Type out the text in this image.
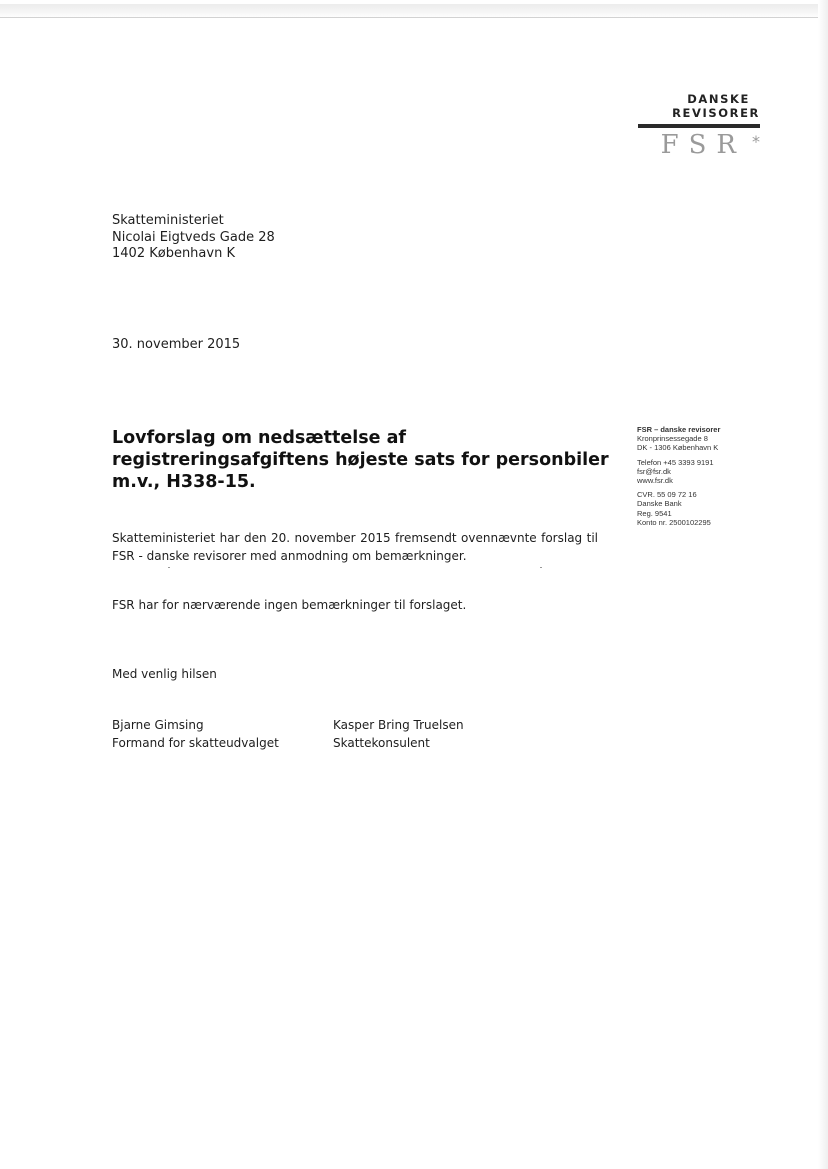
DANSKE
REVISORER
FSR *
Skatteministeriet
Nicolai Eigtveds Gade 28
1402 København K
30. november 2015
Lovforslag om nedsættelse af
registreringsafgiftens højeste sats for personbiler
m.v., H338-15.
FSR – danske revisorer
Kronprinsessegade 8
DK - 1306 København K
Telefon +45 3393 9191
fsr@fsr.dk
www.fsr.dk
CVR. 55 09 72 16
Danske Bank
Reg. 9541
Konto nr. 2500102295
Skatteministeriet har den 20. november 2015 fremsendt ovennævnte forslag til
FSR - danske revisorer med anmodning om bemærkninger.
FSR har for nærværende ingen bemærkninger til forslaget.
Med venlig hilsen
Bjarne Gimsing
Formand for skatteudvalget
Kasper Bring Truelsen
Skattekonsulent
